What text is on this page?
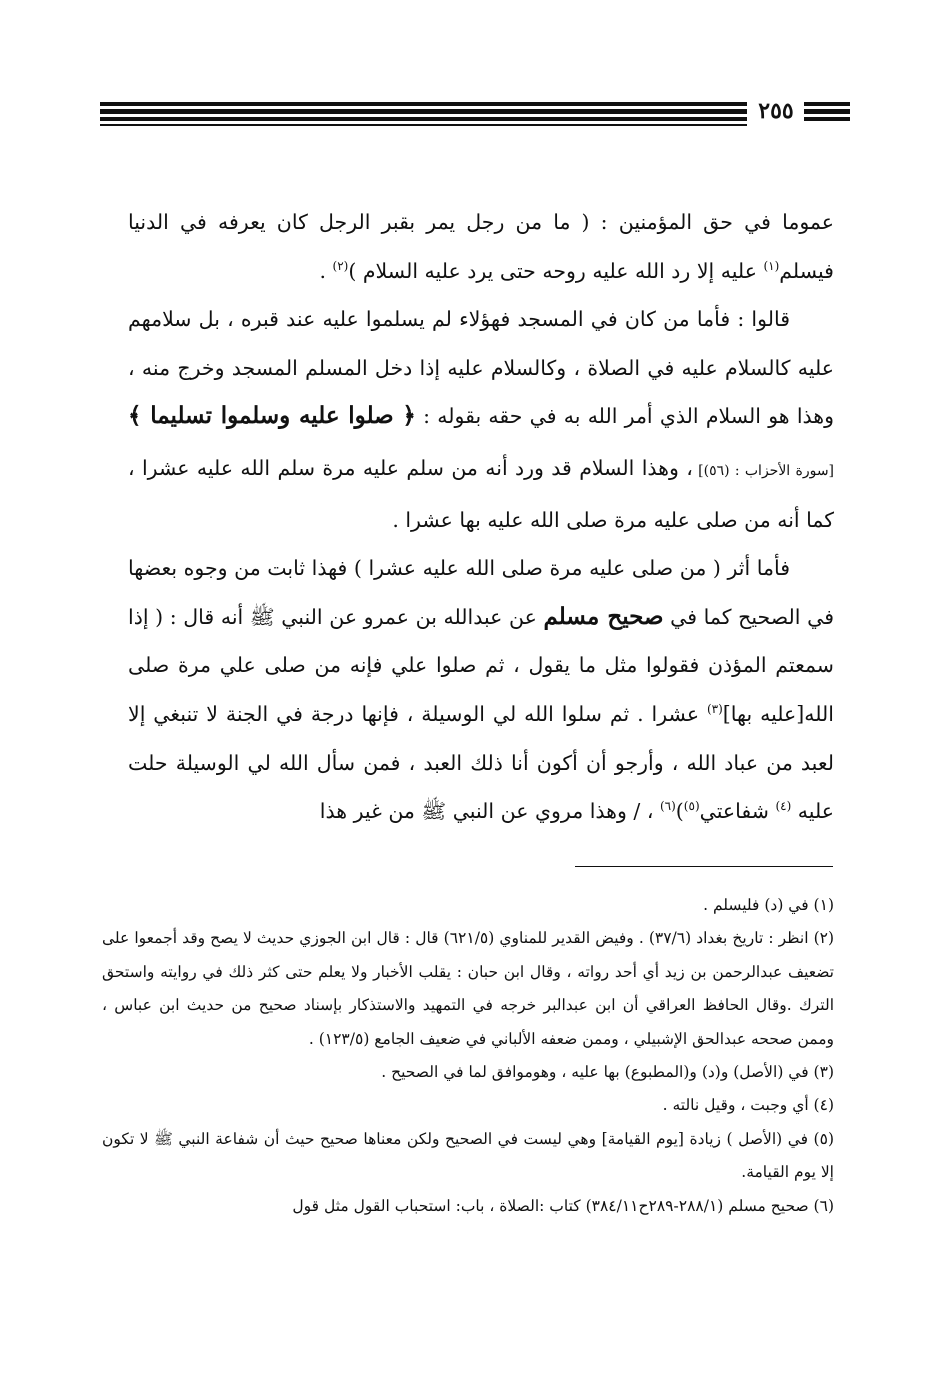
٢٥٥

عموما في حق المؤمنين : ( ما من رجل يمر بقبر الرجل كان يعرفه في الدنيا فيسلم$^{(١)}$ عليه إلا رد الله عليه روحه حتى يرد عليه السلام )$^{(٢)}$ .

قالوا : فأما من كان في المسجد فهؤلاء لم يسلموا عليه عند قبره ، بل سلامهم عليه كالسلام عليه في الصلاة ، وكالسلام عليه إذا دخل المسلم المسجد وخرج منه ، وهذا هو السلام الذي أمر الله به في حقه بقوله : ﴿ صلوا عليه وسلموا تسليما ﴾ [سورة الأحزاب : (٥٦)] ، وهذا السلام قد ورد أنه من سلم عليه مرة سلم الله عليه عشرا ، كما أنه من صلى عليه مرة صلى الله عليه بها عشرا .

فأما أثر ( من صلى عليه مرة صلى الله عليه عشرا ) فهذا ثابت من وجوه بعضها في الصحيح كما في صحيح مسلم عن عبدالله بن عمرو عن النبي ﷺ أنه قال : ( إذا سمعتم المؤذن فقولوا مثل ما يقول ، ثم صلوا علي فإنه من صلى علي مرة صلى الله[عليه بها]$^{(٣)}$ عشرا . ثم سلوا الله لي الوسيلة ، فإنها درجة في الجنة لا تنبغي إلا لعبد من عباد الله ، وأرجو أن أكون أنا ذلك العبد ، فمن سأل الله لي الوسيلة حلت عليه $^{(٤)}$ شفاعتي$^{(٥)}$)$^{(٦)}$ ، / وهذا مروي عن النبي ﷺ من غير هذا

(١) في (د) فليسلم .

(٢) انظر : تاريخ بغداد (٣٧/٦) . وفيض القدير للمناوي (٦٢١/٥) قال : قال ابن الجوزي حديث لا يصح وقد أجمعوا على تضعيف عبدالرحمن بن زيد أي أحد رواته ، وقال ابن حبان : يقلب الأخبار ولا يعلم حتى كثر ذلك في روايته واستحق الترك .وقال الحافظ العراقي أن ابن عبدالبر خرجه في التمهيد والاستذكار بإسناد صحيح من حديث ابن عباس ، وممن صححه عبدالحق الإشبيلي ، وممن ضعفه الألباني في ضعيف الجامع (١٢٣/٥) .

(٣) في (الأصل) و(د) و(المطبوع) بها عليه ، وهوموافق لما في الصحيح .

(٤) أي وجبت ، وقيل نالته .

(٥) في (الأصل ) زيادة [يوم القيامة] وهي ليست في الصحيح ولكن معناها صحيح حيث أن شفاعة النبي ﷺ لا تكون إلا يوم القيامة.

(٦) صحيح مسلم (٢٨٨/١-٢٨٩ح٣٨٤/١١) كتاب :الصلاة ، باب: استحباب القول مثل قول
